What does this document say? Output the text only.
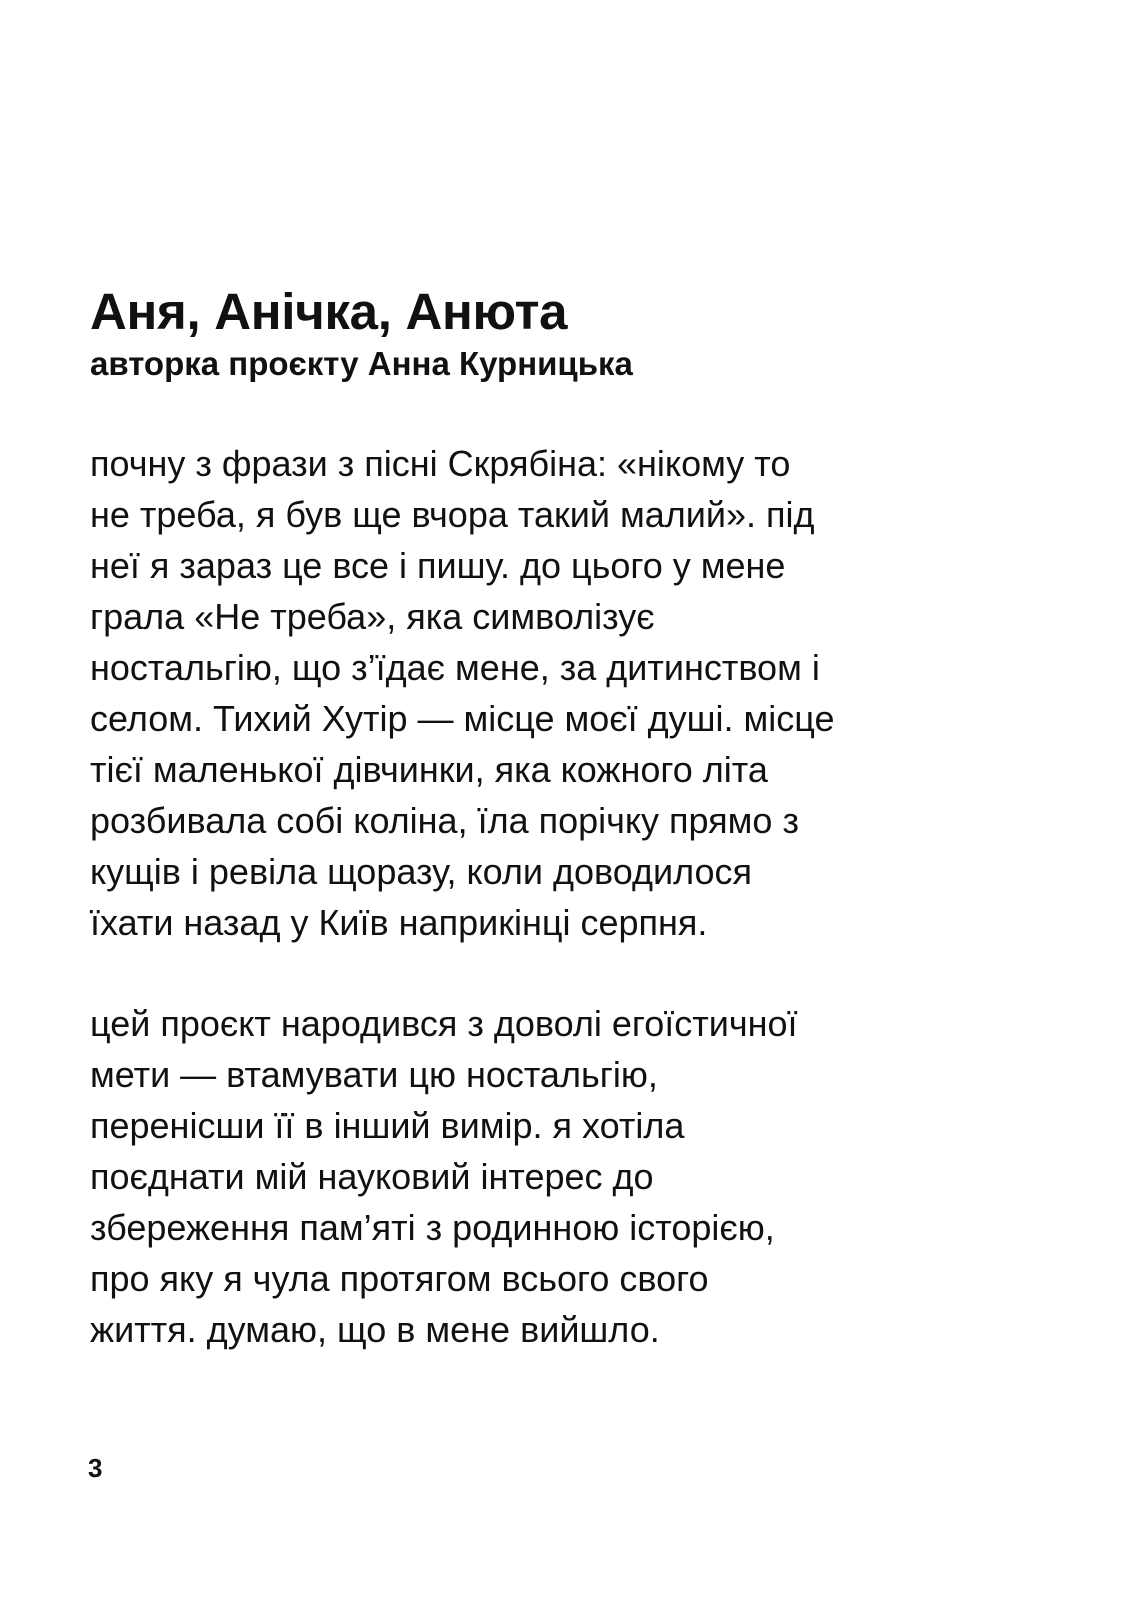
Аня, Анічка, Анюта
авторка проєкту Анна Курницька

почну з фрази з пісні Скрябіна: «нікому то
не треба, я був ще вчора такий малий». під
неї я зараз це все і пишу. до цього у мене
грала «Не треба», яка символізує
ностальгію, що з’їдає мене, за дитинством і
селом. Тихий Хутір — місце моєї душі. місце
тієї маленької дівчинки, яка кожного літа
розбивала собі коліна, їла порічку прямо з
кущів і ревіла щоразу, коли доводилося
їхати назад у Київ наприкінці серпня.

цей проєкт народився з доволі егоїстичної
мети — втамувати цю ностальгію,
перенісши її в інший вимір. я хотіла
поєднати мій науковий інтерес до
збереження пам’яті з родинною історією,
про яку я чула протягом всього свого
життя. думаю, що в мене вийшло.

3
